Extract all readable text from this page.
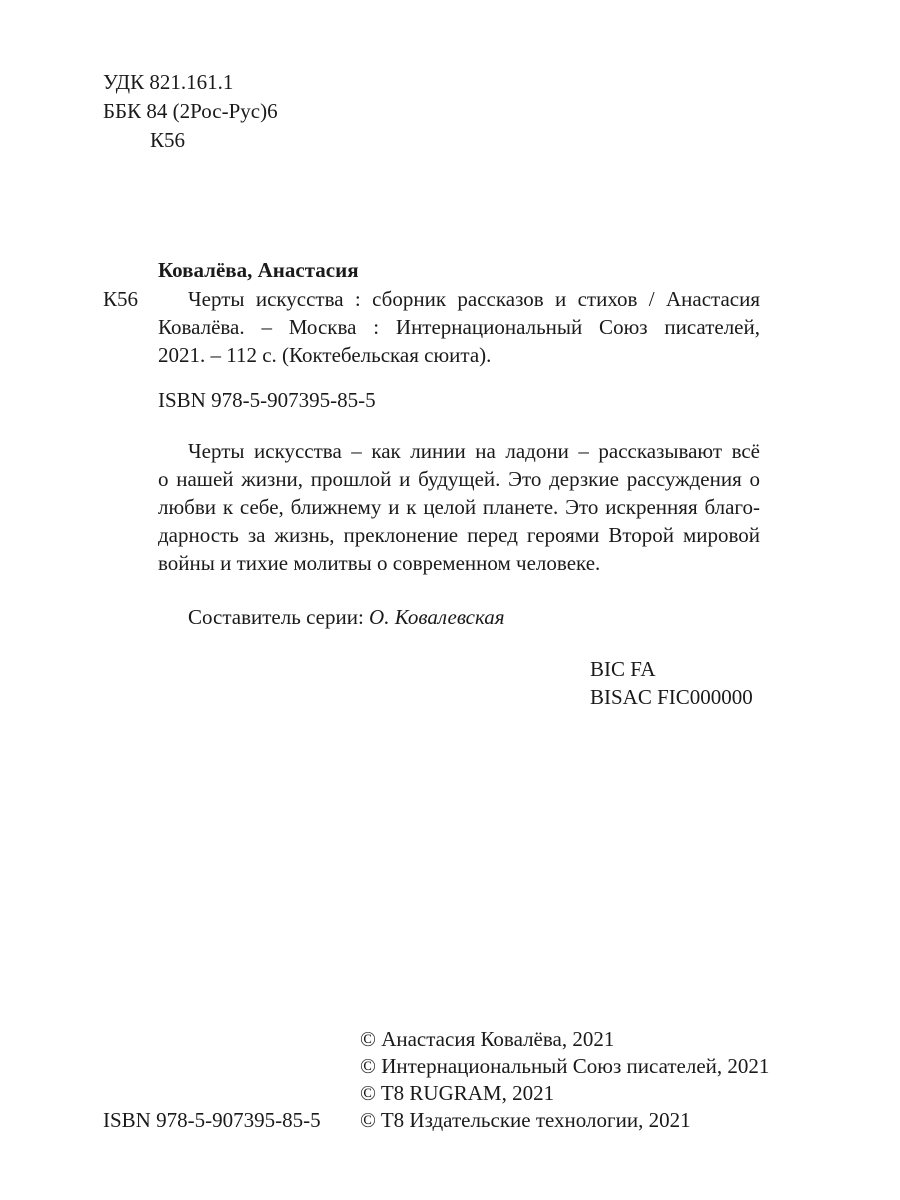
УДК 821.161.1
ББК 84 (2Рос-Рус)6
К56
Ковалёва, Анастасия
К56	Черты искусства : сборник рассказов и стихов / Анастасия
Ковалёва. – Москва : Интернациональный Союз писателей,
2021. – 112 с. (Коктебельская сюита).
ISBN 978-5-907395-85-5
Черты искусства – как линии на ладони – рассказывают всё
о нашей жизни, прошлой и будущей. Это дерзкие рассуждения о
любви к себе, ближнему и к целой планете. Это искренняя благо-
дарность за жизнь, преклонение перед героями Второй мировой
войны и тихие молитвы о современном человеке.
Составитель серии: О. Ковалевская
BIC FA
BISAC FIC000000
© Анастасия Ковалёва, 2021
© Интернациональный Союз писателей, 2021
© T8 RUGRAM, 2021
ISBN 978-5-907395-85-5 © T8 Издательские технологии, 2021
